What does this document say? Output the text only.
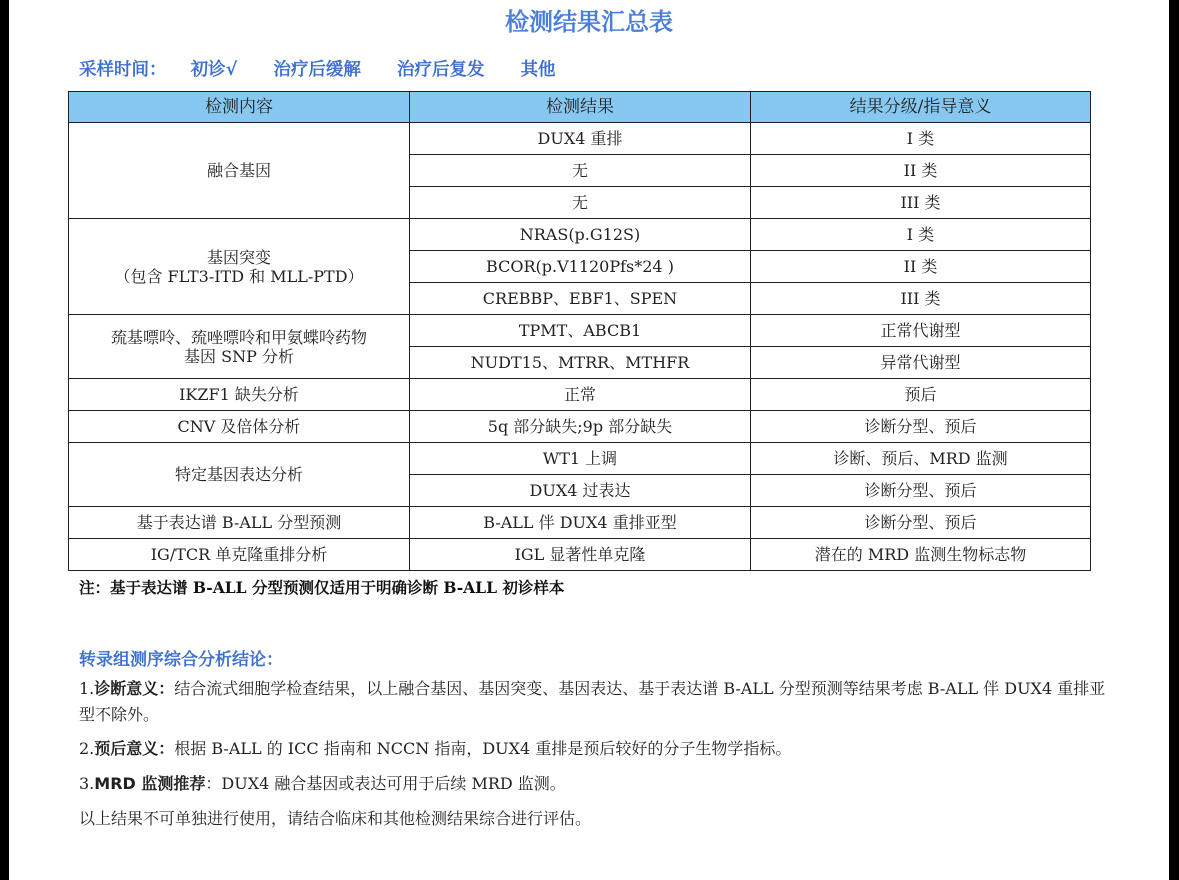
检测结果汇总表
采样时间： 初诊√ 治疗后缓解 治疗后复发 其他
检测内容	检测结果	结果分级/指导意义

融合基因	DUX4 重排	I 类
	无	II 类
	无	III 类

基因突变
（包含 FLT3-ITD 和 MLL-PTD）	NRAS(p.G12S)	I 类
	BCOR(p.V1120Pfs*24 )	II 类
	CREBBP、EBF1、SPEN	III 类

巯基嘌呤、巯唑嘌呤和甲氨蝶呤药物
基因 SNP 分析	TPMT、ABCB1	正常代谢型
	NUDT15、MTRR、MTHFR	异常代谢型

IKZF1 缺失分析	正常	预后

CNV 及倍体分析	5q 部分缺失;9p 部分缺失	诊断分型、预后

特定基因表达分析	WT1 上调	诊断、预后、MRD 监测
	DUX4 过表达	诊断分型、预后

基于表达谱 B-ALL 分型预测	B-ALL 伴 DUX4 重排亚型	诊断分型、预后

IG/TCR 单克隆重排分析	IGL 显著性单克隆	潜在的 MRD 监测生物标志物
注：基于表达谱 B-ALL 分型预测仅适用于明确诊断 B-ALL 初诊样本
转录组测序综合分析结论：
1.诊断意义：结合流式细胞学检查结果，以上融合基因、基因突变、基因表达、基于表达谱 B-ALL 分型预测等结果考虑 B-ALL 伴 DUX4 重排亚型不除外。
2.预后意义：根据 B-ALL 的 ICC 指南和 NCCN 指南，DUX4 重排是预后较好的分子生物学指标。
3.MRD 监测推荐：DUX4 融合基因或表达可用于后续 MRD 监测。
以上结果不可单独进行使用，请结合临床和其他检测结果综合进行评估。
